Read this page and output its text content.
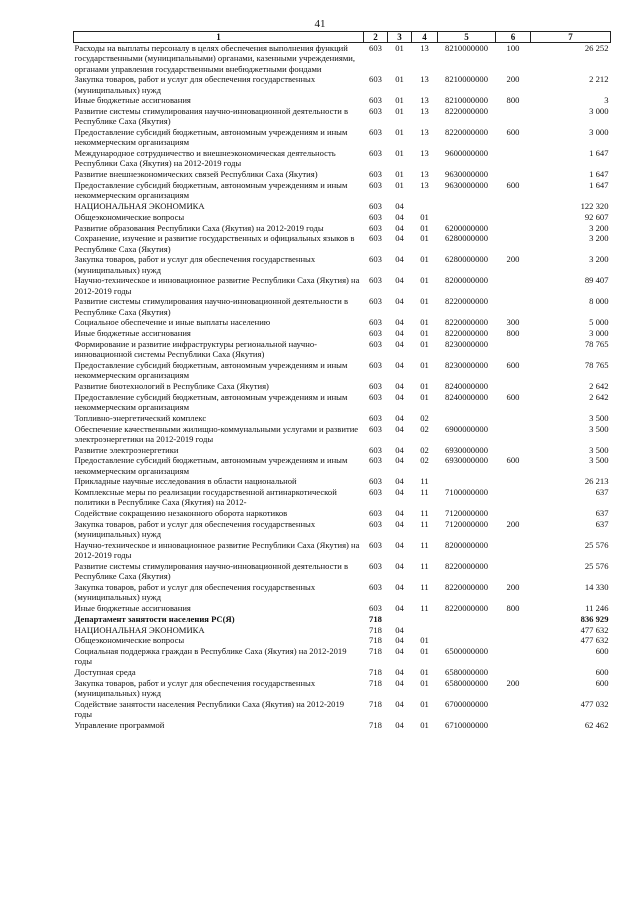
41
1	2	3	4	5	6	7
Расходы на выплаты персоналу в целях обеспечения выполнения функций государственными (муниципальными) органами, казенными учреждениями, органами управления государственными внебюджетными фондами	603	01	13	8210000000	100	26 252
Закупка товаров, работ и услуг для обеспечения государственных (муниципальных) нужд	603	01	13	8210000000	200	2 212
Иные бюджетные ассигнования	603	01	13	8210000000	800	3
Развитие системы стимулирования научно-инновационной деятельности в Республике Саха (Якутия)	603	01	13	8220000000		3 000
Предоставление субсидий бюджетным, автономным учреждениям и иным некоммерческим организациям	603	01	13	8220000000	600	3 000
Международное сотрудничество и внешнеэкономическая деятельность Республики Саха (Якутия) на 2012-2019 годы	603	01	13	9600000000		1 647
Развитие внешнеэкономических связей Республики Саха (Якутия)	603	01	13	9630000000		1 647
Предоставление субсидий бюджетным, автономным учреждениям и иным некоммерческим организациям	603	01	13	9630000000	600	1 647
НАЦИОНАЛЬНАЯ ЭКОНОМИКА	603	04				122 320
Общеэкономические вопросы	603	04	01			92 607
Развитие образования Республики Саха (Якутия) на 2012-2019 годы	603	04	01	6200000000		3 200
Сохранение, изучение и развитие государственных и официальных языков в Республике Саха (Якутия)	603	04	01	6280000000		3 200
Закупка товаров, работ и услуг для обеспечения государственных (муниципальных) нужд	603	04	01	6280000000	200	3 200
Научно-техническое и инновационное развитие Республики Саха (Якутия) на 2012-2019 годы	603	04	01	8200000000		89 407
Развитие системы стимулирования научно-инновационной деятельности в Республике Саха (Якутия)	603	04	01	8220000000		8 000
Социальное обеспечение и иные выплаты населению	603	04	01	8220000000	300	5 000
Иные бюджетные ассигнования	603	04	01	8220000000	800	3 000
Формирование и развитие инфраструктуры региональной научно-инновационной системы Республики Саха (Якутия)	603	04	01	8230000000		78 765
Предоставление субсидий бюджетным, автономным учреждениям и иным некоммерческим организациям	603	04	01	8230000000	600	78 765
Развитие биотехнологий в Республике Саха (Якутия)	603	04	01	8240000000		2 642
Предоставление субсидий бюджетным, автономным учреждениям и иным некоммерческим организациям	603	04	01	8240000000	600	2 642
Топливно-энергетический комплекс	603	04	02			3 500
Обеспечение качественными жилищно-коммунальными услугами и развитие электроэнергетики на 2012-2019 годы	603	04	02	6900000000		3 500
Развитие электроэнергетики	603	04	02	6930000000		3 500
Предоставление субсидий бюджетным, автономным учреждениям и иным некоммерческим организациям	603	04	02	6930000000	600	3 500
Прикладные научные исследования в области национальной	603	04	11			26 213
Комплексные меры по реализации государственной антинаркотической политики в Республике Саха (Якутия) на 2012-	603	04	11	7100000000		637
Содействие сокращению незаконного оборота наркотиков	603	04	11	7120000000		637
Закупка товаров, работ и услуг для обеспечения государственных (муниципальных) нужд	603	04	11	7120000000	200	637
Научно-техническое и инновационное развитие Республики Саха (Якутия) на 2012-2019 годы	603	04	11	8200000000		25 576
Развитие системы стимулирования научно-инновационной деятельности в Республике Саха (Якутия)	603	04	11	8220000000		25 576
Закупка товаров, работ и услуг для обеспечения государственных (муниципальных) нужд	603	04	11	8220000000	200	14 330
Иные бюджетные ассигнования	603	04	11	8220000000	800	11 246
Департамент занятости населения РС(Я)	718					836 929
НАЦИОНАЛЬНАЯ ЭКОНОМИКА	718	04				477 632
Общеэкономические вопросы	718	04	01			477 632
Социальная поддержка граждан в Республике Саха (Якутия) на 2012-2019 годы	718	04	01	6500000000		600
Доступная среда	718	04	01	6580000000		600
Закупка товаров, работ и услуг для обеспечения государственных (муниципальных) нужд	718	04	01	6580000000	200	600
Содействие занятости населения Республики Саха (Якутия) на 2012-2019 годы	718	04	01	6700000000		477 032
Управление программой	718	04	01	6710000000		62 462
